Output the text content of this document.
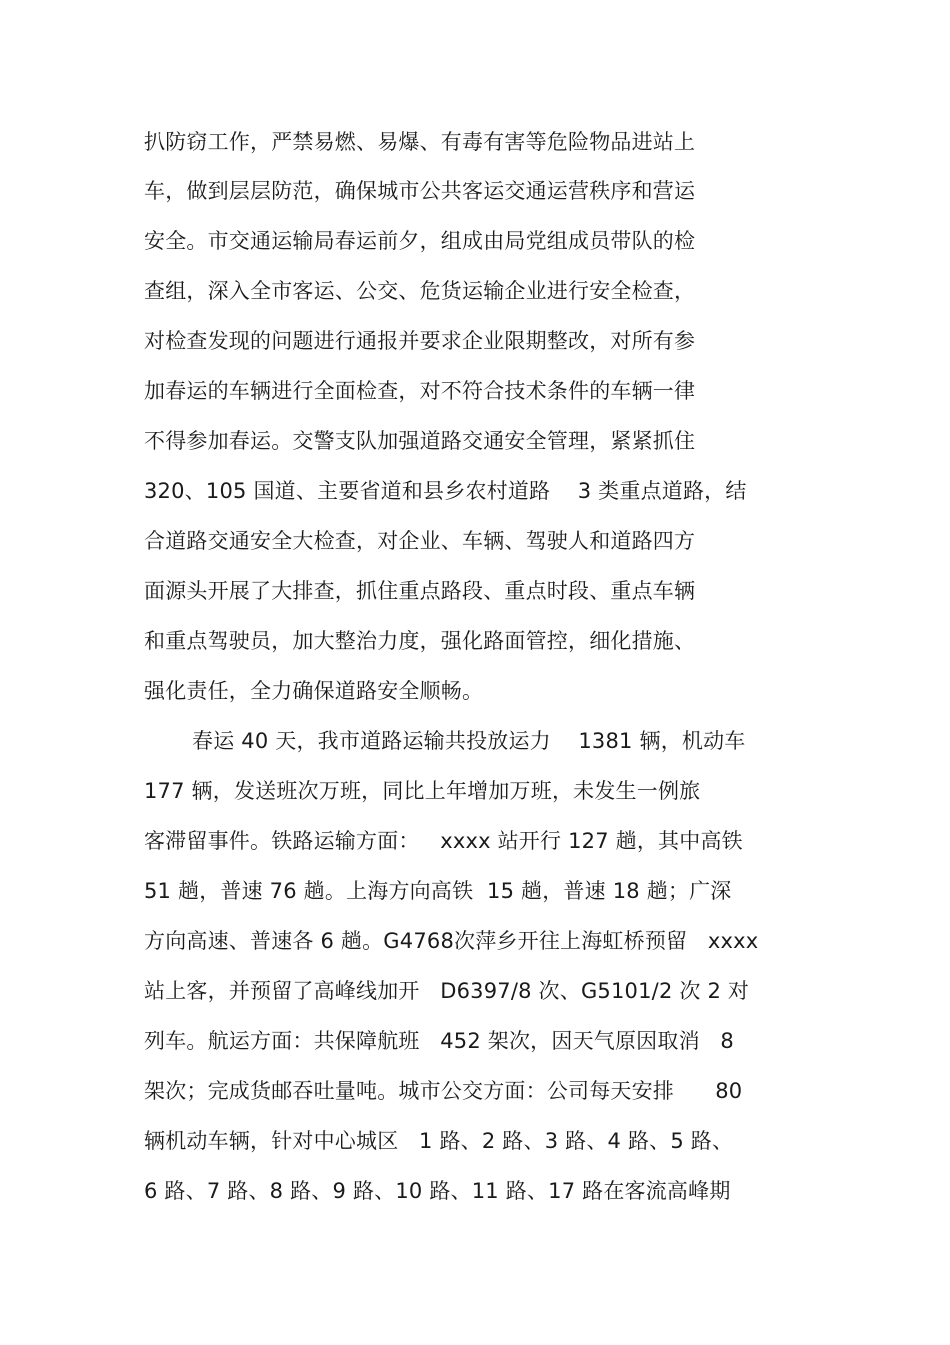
扒防窃工作，严禁易燃、易爆、有毒有害等危险物品进站上
车，做到层层防范，确保城市公共客运交通运营秩序和营运
安全。市交通运输局春运前夕，组成由局党组成员带队的检
查组，深入全市客运、公交、危货运输企业进行安全检查，
对检查发现的问题进行通报并要求企业限期整改，对所有参
加春运的车辆进行全面检查，对不符合技术条件的车辆一律
不得参加春运。交警支队加强道路交通安全管理，紧紧抓住
320、105 国道、主要省道和县乡农村道路    3 类重点道路，结
合道路交通安全大检查，对企业、车辆、驾驶人和道路四方
面源头开展了大排查，抓住重点路段、重点时段、重点车辆
和重点驾驶员，加大整治力度，强化路面管控，细化措施、
强化责任，全力确保道路安全顺畅。
春运 40 天，我市道路运输共投放运力    1381 辆，机动车
177 辆，发送班次万班，同比上年增加万班，未发生一例旅
客滞留事件。铁路运输方面：   xxxx 站开行 127 趟，其中高铁
51 趟，普速 76 趟。上海方向高铁  15 趟，普速 18 趟；广深
方向高速、普速各 6 趟。G4768次萍乡开往上海虹桥预留   xxxx
站上客，并预留了高峰线加开   D6397/8 次、G5101/2 次 2 对
列车。航运方面：共保障航班   452 架次，因天气原因取消   8
架次；完成货邮吞吐量吨。城市公交方面：公司每天安排      80
辆机动车辆，针对中心城区   1 路、2 路、3 路、4 路、5 路、
6 路、7 路、8 路、9 路、10 路、11 路、17 路在客流高峰期
